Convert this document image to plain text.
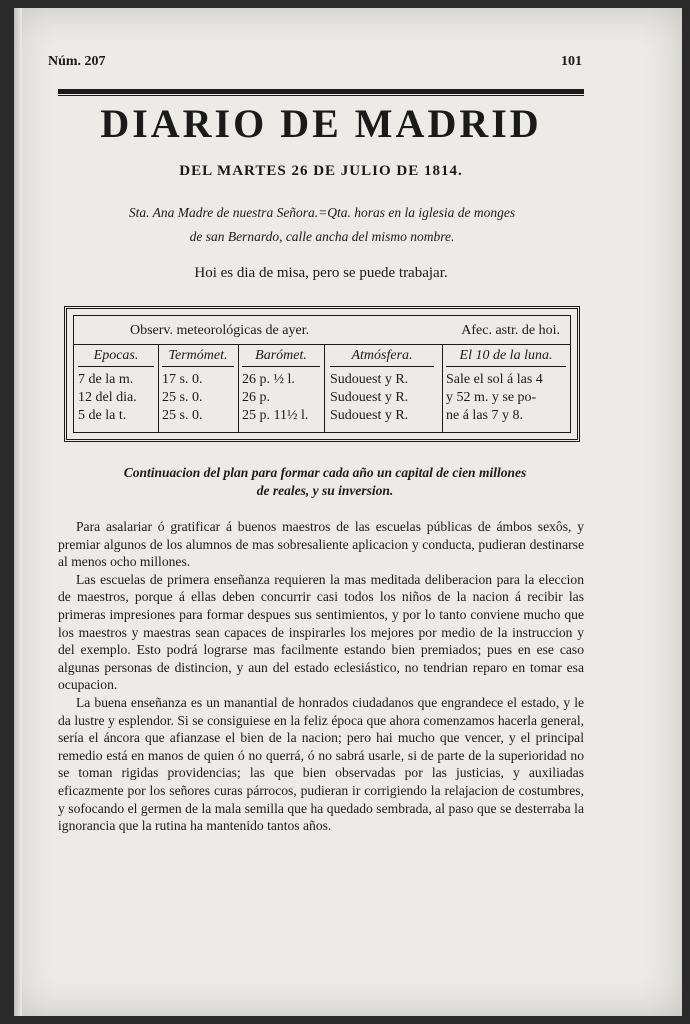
Núm. 207	101
DIARIO DE MADRID
DEL MARTES 26 DE JULIO DE 1814.
Sta. Ana Madre de nuestra Señora.=Qta. horas en la iglesia de monges
de san Bernardo, calle ancha del mismo nombre.
Hoi es dia de misa, pero se puede trabajar.
Observ. meteorológicas de ayer.	Afec. astr. de hoi.
Epocas.
7 de la m.
12 del dia.
5 de la t.
Termómet.
17 s. 0.
25 s. 0.
25 s. 0.
Barómet.
26 p. ½ l.
26 p.
25 p. 11½ l.
Atmósfera.
Sudouest y R.
Sudouest y R.
Sudouest y R.
El 10 de la luna.
Sale el sol á las 4
y 52 m. y se po-
ne á las 7 y 8.
Continuacion del plan para formar cada año un capital de cien millones
de reales, y su inversion.

Para asalariar ó gratificar á buenos maestros de las escuelas públicas de ámbos sexôs, y premiar algunos de los alumnos de mas sobresaliente aplicacion y conducta, pudieran destinarse al menos ocho millones.

Las escuelas de primera enseñanza requieren la mas meditada deliberacion para la eleccion de maestros, porque á ellas deben concurrir casi todos los niños de la nacion á recibir las primeras impresiones para formar despues sus sentimientos, y por lo tanto conviene mucho que los maestros y maestras sean capaces de inspirarles los mejores por medio de la instruccion y del exemplo. Esto podrá lograrse mas facilmente estando bien premiados; pues en ese caso algunas personas de distincion, y aun del estado eclesiástico, no tendrian reparo en tomar esa ocupacion.

La buena enseñanza es un manantial de honrados ciudadanos que engrandece el estado, y le da lustre y esplendor. Si se consiguiese en la feliz época que ahora comenzamos hacerla general, sería el áncora que afianzase el bien de la nacion; pero hai mucho que vencer, y el principal remedio está en manos de quien ó no querrá, ó no sabrá usarle, si de parte de la superioridad no se toman rigidas providencias; las que bien observadas por las justicias, y auxiliadas eficazmente por los señores curas párrocos, pudieran ir corrigiendo la relajacion de costumbres, y sofocando el germen de la mala semilla que ha quedado sembrada, al paso que se desterraba la ignorancia que la rutina ha mantenido tantos años.
